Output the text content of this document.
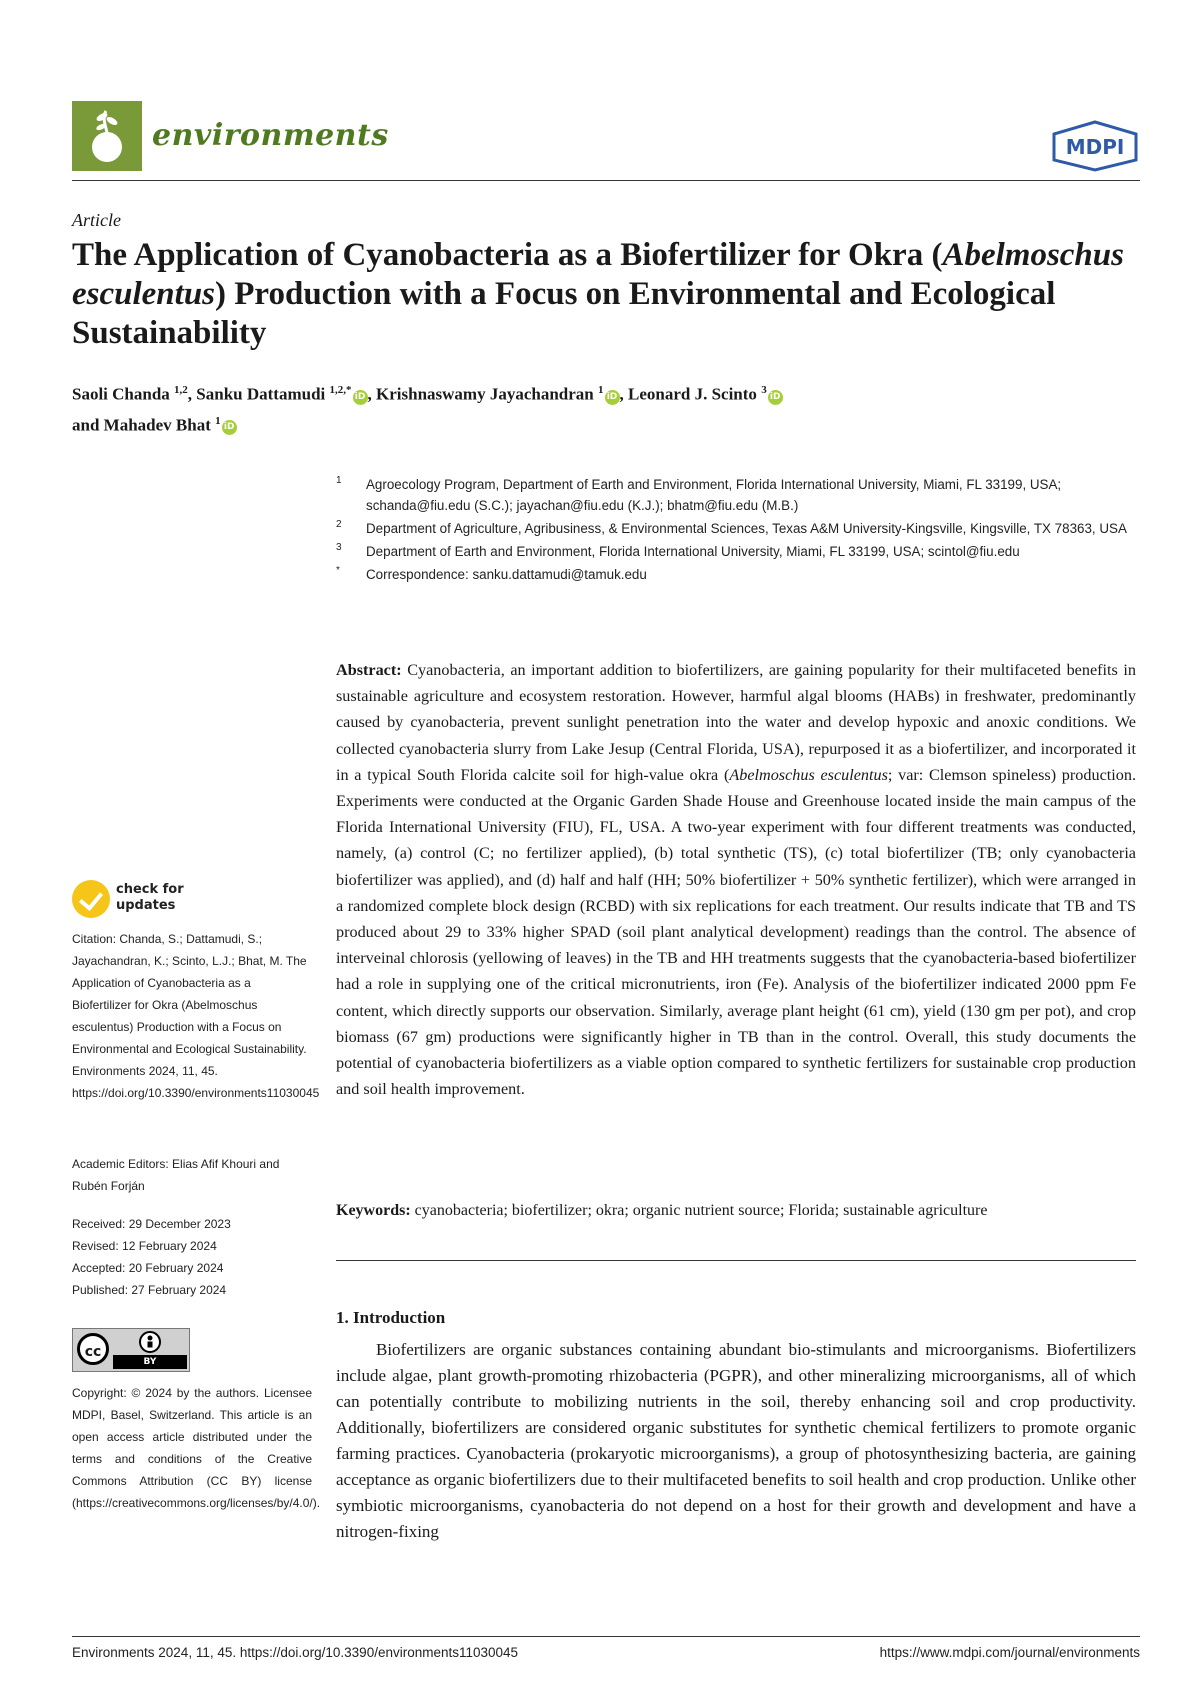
environments	MDPI
Article
The Application of Cyanobacteria as a Biofertilizer for Okra (Abelmoschus esculentus) Production with a Focus on Environmental and Ecological Sustainability
Saoli Chanda $^{1,2}$, Sanku Dattamudi $^{1,2,*}$iD , Krishnaswamy Jayachandran $^1$iD , Leonard J. Scinto $^3$iD
and Mahadev Bhat $^1$iD
1 Agroecology Program, Department of Earth and Environment, Florida International University, Miami, FL 33199, USA; schanda@fiu.edu (S.C.); jayachan@fiu.edu (K.J.); bhatm@fiu.edu (M.B.)
2 Department of Agriculture, Agribusiness, & Environmental Sciences, Texas A&M University-Kingsville, Kingsville, TX 78363, USA
3 Department of Earth and Environment, Florida International University, Miami, FL 33199, USA; scintol@fiu.edu
* Correspondence: sanku.dattamudi@tamuk.edu

Abstract: Cyanobacteria, an important addition to biofertilizers, are gaining popularity for their multifaceted benefits in sustainable agriculture and ecosystem restoration. However, harmful algal blooms (HABs) in freshwater, predominantly caused by cyanobacteria, prevent sunlight penetration into the water and develop hypoxic and anoxic conditions. We collected cyanobacteria slurry from Lake Jesup (Central Florida, USA), repurposed it as a biofertilizer, and incorporated it in a typical South Florida calcite soil for high-value okra (Abelmoschus esculentus; var: Clemson spineless) production. Experiments were conducted at the Organic Garden Shade House and Greenhouse located inside the main campus of the Florida International University (FIU), FL, USA. A two-year experiment with four different treatments was conducted, namely, (a) control (C; no fertilizer applied), (b) total synthetic (TS), (c) total biofertilizer (TB; only cyanobacteria biofertilizer was applied), and (d) half and half (HH; 50% biofertilizer + 50% synthetic fertilizer), which were arranged in a randomized complete block design (RCBD) with six replications for each treatment. Our results indicate that TB and TS produced about 29 to 33% higher SPAD (soil plant analytical development) readings than the control. The absence of interveinal chlorosis (yellowing of leaves) in the TB and HH treatments suggests that the cyanobacteria-based biofertilizer had a role in supplying one of the critical micronutrients, iron (Fe). Analysis of the biofertilizer indicated 2000 ppm Fe content, which directly supports our observation. Similarly, average plant height (61 cm), yield (130 gm per pot), and crop biomass (67 gm) productions were significantly higher in TB than in the control. Overall, this study documents the potential of cyanobacteria biofertilizers as a viable option compared to synthetic fertilizers for sustainable crop production and soil health improvement.

Keywords: cyanobacteria; biofertilizer; okra; organic nutrient source; Florida; sustainable agriculture
1. Introduction

Biofertilizers are organic substances containing abundant bio-stimulants and microorganisms. Biofertilizers include algae, plant growth-promoting rhizobacteria (PGPR), and other mineralizing microorganisms, all of which can potentially contribute to mobilizing nutrients in the soil, thereby enhancing soil and crop productivity. Additionally, biofertilizers are considered organic substitutes for synthetic chemical fertilizers to promote organic farming practices. Cyanobacteria (prokaryotic microorganisms), a group of photosynthesizing bacteria, are gaining acceptance as organic biofertilizers due to their multifaceted benefits to soil health and crop production. Unlike other symbiotic microorganisms, cyanobacteria do not depend on a host for their growth and development and have a nitrogen-fixing

check for
updates
Citation: Chanda, S.; Dattamudi, S.; Jayachandran, K.; Scinto, L.J.; Bhat, M. The Application of Cyanobacteria as a Biofertilizer for Okra (Abelmoschus esculentus) Production with a Focus on Environmental and Ecological Sustainability. Environments 2024, 11, 45. https://doi.org/10.3390/environments11030045
Academic Editors: Elias Afif Khouri and Rubén Forján
Received: 29 December 2023
Revised: 12 February 2024
Accepted: 20 February 2024
Published: 27 February 2024
cc
BY
Copyright: © 2024 by the authors. Licensee MDPI, Basel, Switzerland. This article is an open access article distributed under the terms and conditions of the Creative Commons Attribution (CC BY) license (https://creativecommons.org/licenses/by/4.0/).
Environments 2024, 11, 45. https://doi.org/10.3390/environments11030045	https://www.mdpi.com/journal/environments
